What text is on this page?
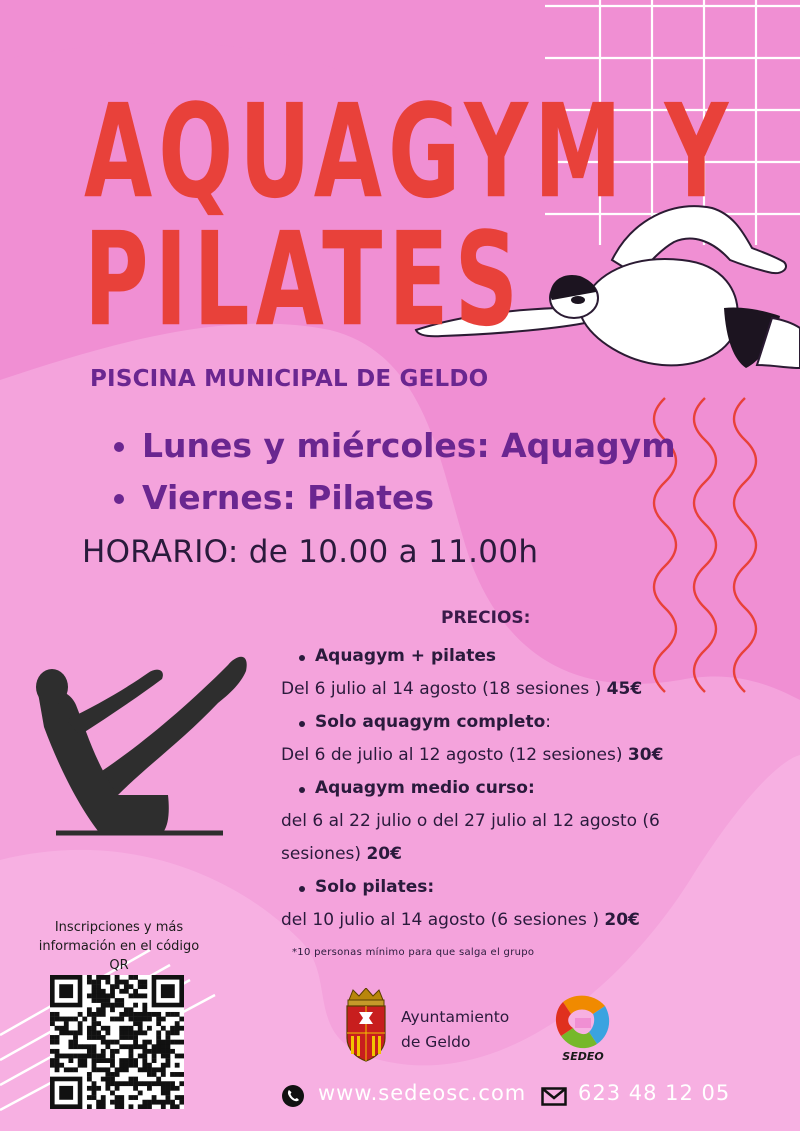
AQUAGYM Y
PILATES
PISCINA MUNICIPAL DE GELDO
Lunes y miércoles: Aquagym
Viernes: Pilates
HORARIO: de 10.00 a 11.00h
PRECIOS:
Aquagym + pilates
Del 6 julio al 14 agosto (18 sesiones ) 45€
Solo aquagym completo:
Del 6 de julio al 12 agosto (12 sesiones) 30€
Aquagym medio curso:
del 6 al 22 julio o del 27 julio al 12 agosto (6
sesiones) 20€
Solo pilates:
del 10 julio al 14 agosto (6 sesiones ) 20€
*10 personas mínimo para que salga el grupo
Inscripciones y más
información en el código
QR
Ayuntamiento
de Geldo
SEDEO
www.sedeosc.com 623 48 12 05
